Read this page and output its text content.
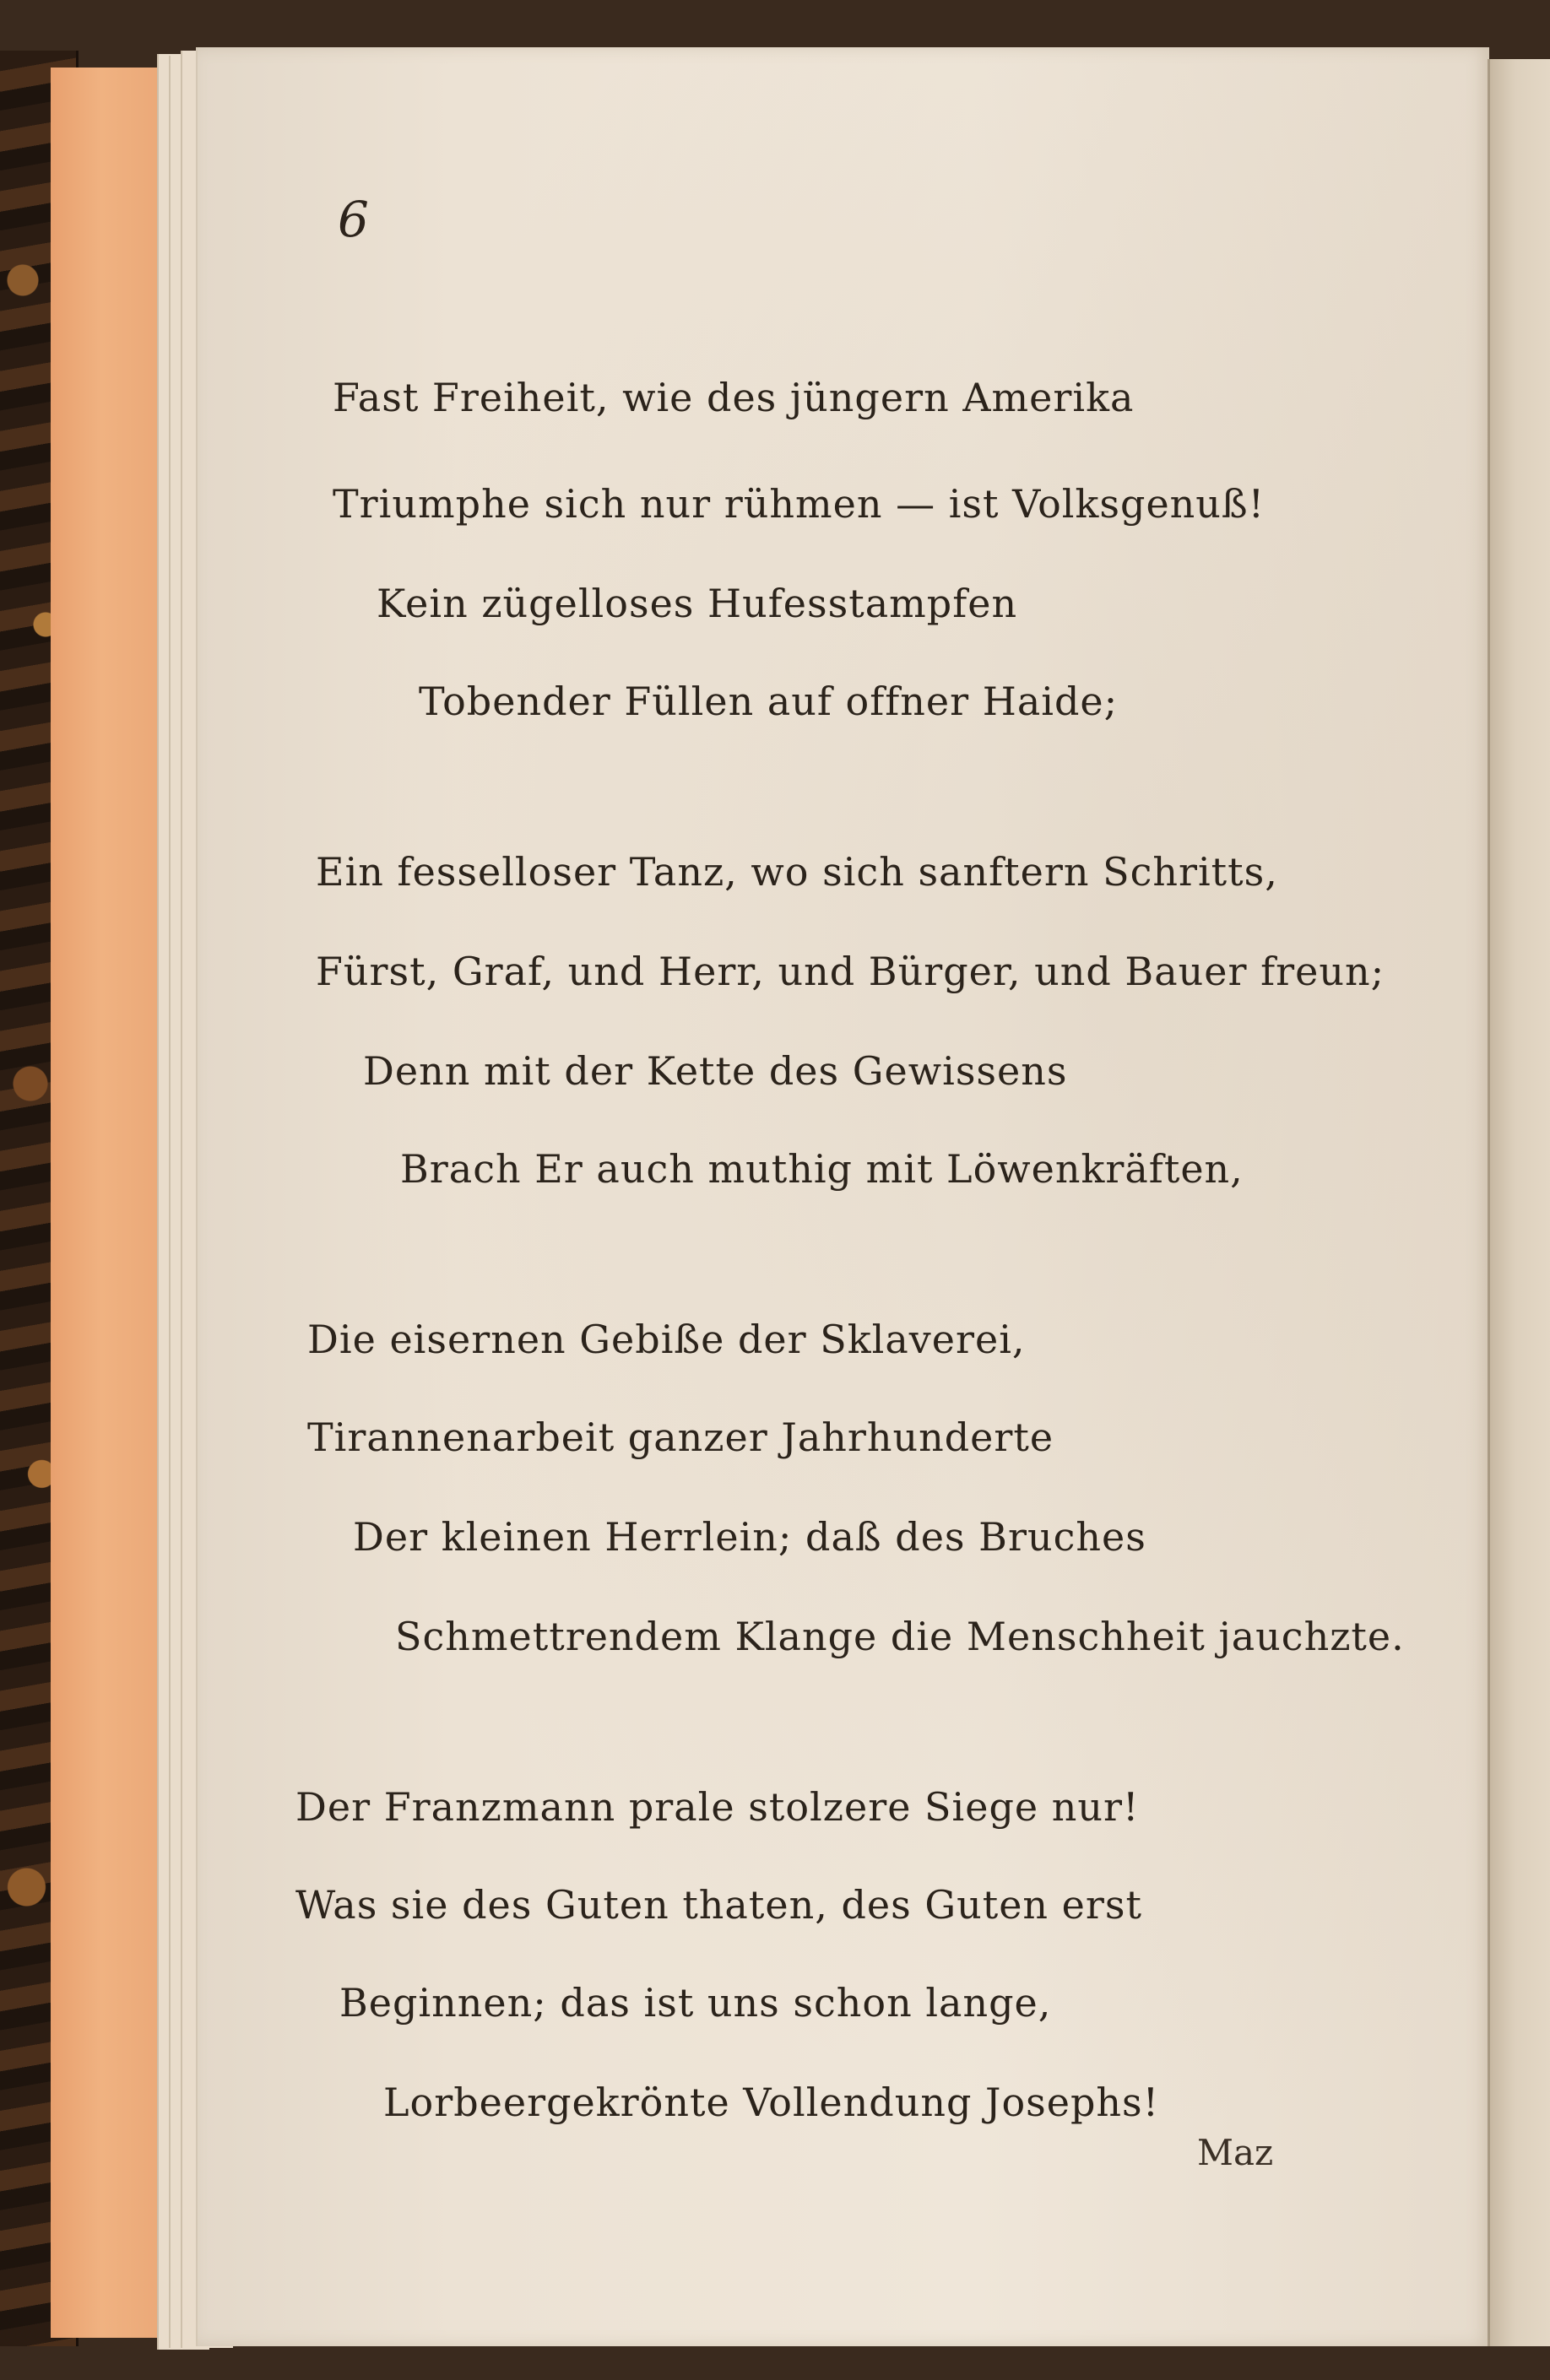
6
Fast Freiheit, wie des jüngern Amerika
Triumphe sich nur rühmen — ist Volksgenuß!
Kein zügelloses Hufesstampfen
Tobender Füllen auf offner Haide;
Ein fesselloser Tanz, wo sich sanftern Schritts,
Fürst, Graf, und Herr, und Bürger, und Bauer freun;
Denn mit der Kette des Gewissens
Brach Er auch muthig mit Löwenkräften,
Die eisernen Gebiße der Sklaverei,
Tirannenarbeit ganzer Jahrhunderte
Der kleinen Herrlein; daß des Bruches
Schmettrendem Klange die Menschheit jauchzte.
Der Franzmann prale stolzere Siege nur!
Was sie des Guten thaten, des Guten erst
Beginnen; das ist uns schon lange,
Lorbeergekrönte Vollendung Josephs!
Maz
